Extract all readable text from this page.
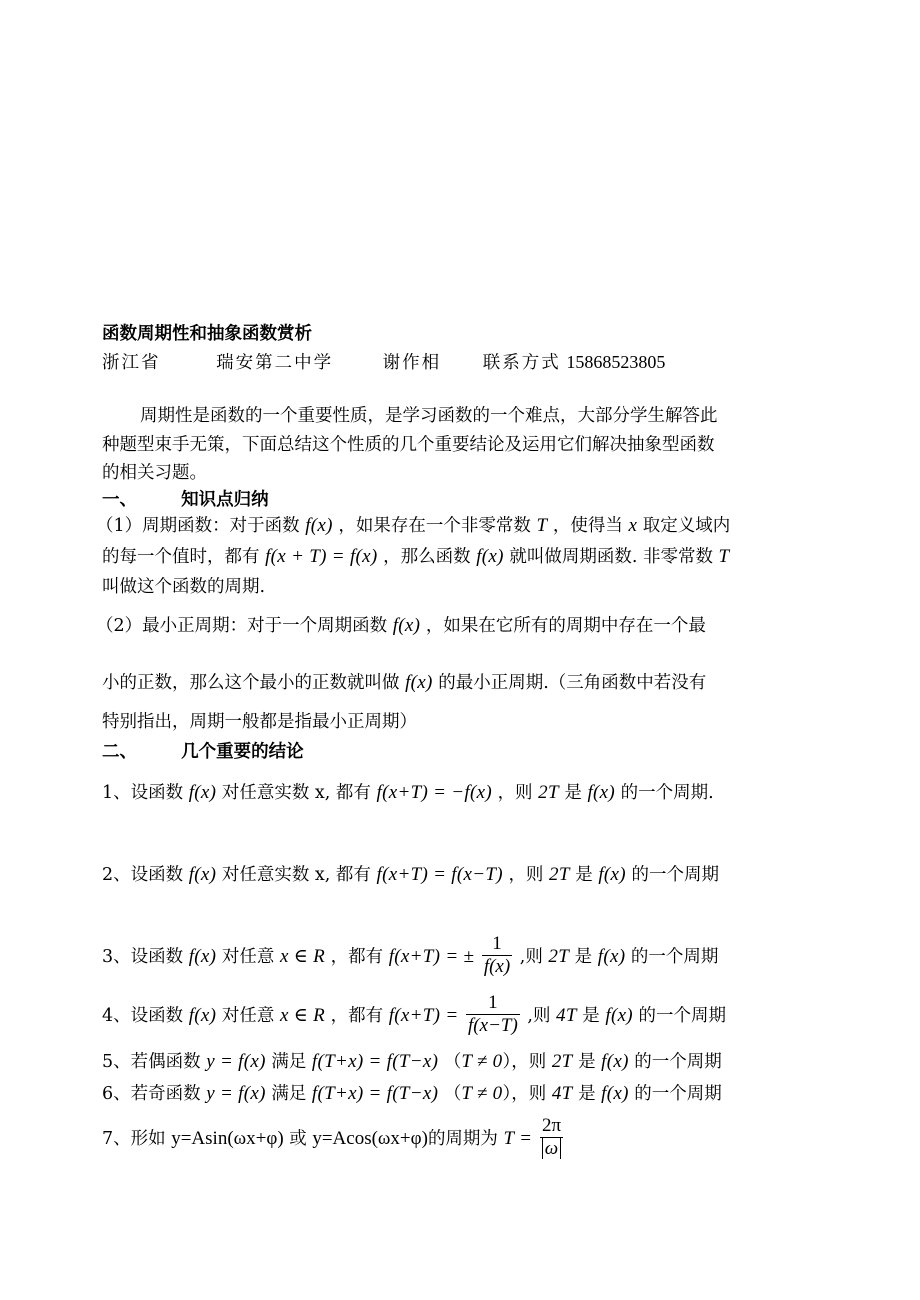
函数周期性和抽象函数赏析
浙江省	瑞安第二中学	谢作相 联系方式 15868523805
周期性是函数的一个重要性质，是学习函数的一个难点，大部分学生解答此
种题型束手无策，下面总结这个性质的几个重要结论及运用它们解决抽象型函数
的相关习题。
一、	知识点归纳
（1）周期函数：对于函数 f(x) ，如果存在一个非零常数 T ，使得当 x 取定义域内
的每一个值时，都有 f(x + T) = f(x) ，那么函数 f(x) 就叫做周期函数. 非零常数 T
叫做这个函数的周期.
（2）最小正周期：对于一个周期函数 f(x) ，如果在它所有的周期中存在一个最
小的正数，那么这个最小的正数就叫做 f(x) 的最小正周期.（三角函数中若没有
特别指出，周期一般都是指最小正周期）
二、	几个重要的结论
1、设函数 f(x) 对任意实数 x, 都有 f(x+T) = −f(x) ，则 2T 是 f(x) 的一个周期.
2、设函数 f(x) 对任意实数 x, 都有 f(x+T) = f(x−T) ，则 2T 是 f(x) 的一个周期
3、设函数 f(x) 对任意 x ∈ R ，都有 f(x+T) = ± $\frac{1}{f(x)}$ ,则 2T 是 f(x) 的一个周期
4、设函数 f(x) 对任意 x ∈ R ，都有 $f(x+T) = \frac{1}{f(x-T)}$ ,则 4T 是 f(x) 的一个周期
5、若偶函数 y = f(x) 满足 f(T+x) = f(T−x) （T ≠ 0），则 2T 是 f(x) 的一个周期
6、若奇函数 y = f(x) 满足 f(T+x) = f(T−x) （T ≠ 0），则 4T 是 f(x) 的一个周期
7、形如 y=Asin(ωx+φ) 或 y=Acos(ωx+φ)的周期为 $T = \frac{2\pi}{\omega}$
